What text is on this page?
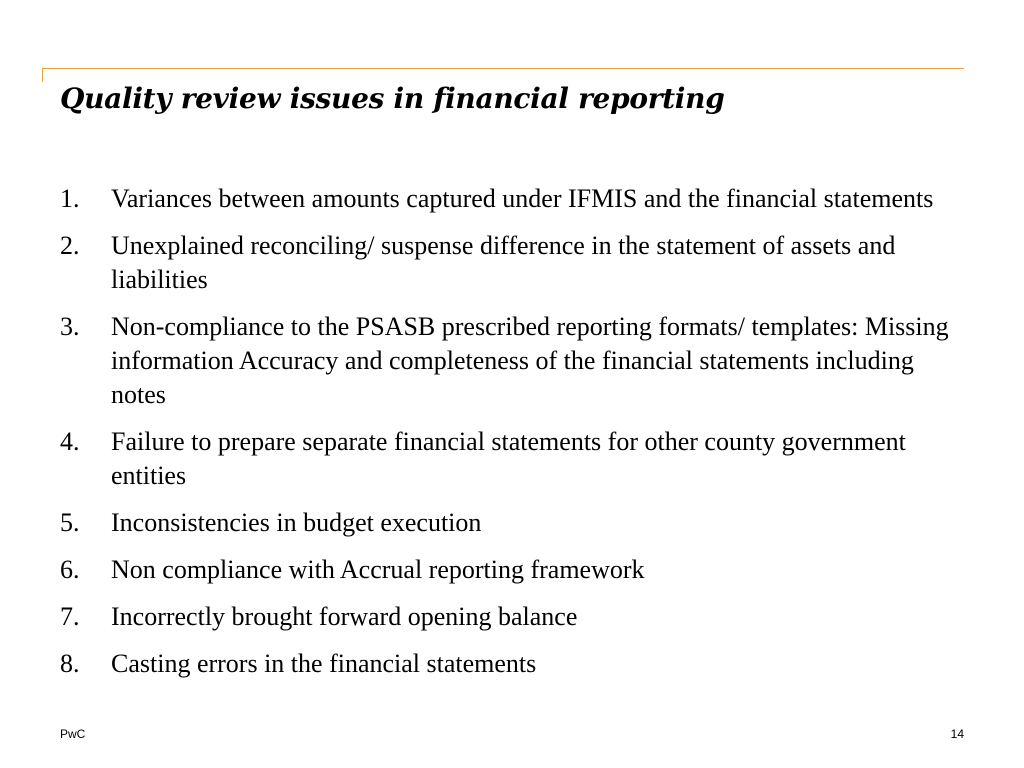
Quality review issues in financial reporting
1.	Variances between amounts captured under IFMIS and the financial statements
2.	Unexplained reconciling/ suspense difference in the statement of assets and liabilities
3.	Non-compliance to the PSASB prescribed reporting formats/ templates: Missing information Accuracy and completeness of the financial statements including notes
4.	Failure to prepare separate financial statements for other county government entities
5.	Inconsistencies in budget execution
6.	Non compliance with Accrual reporting framework
7.	Incorrectly brought forward opening balance
8.	Casting errors in the financial statements
PwC	14
